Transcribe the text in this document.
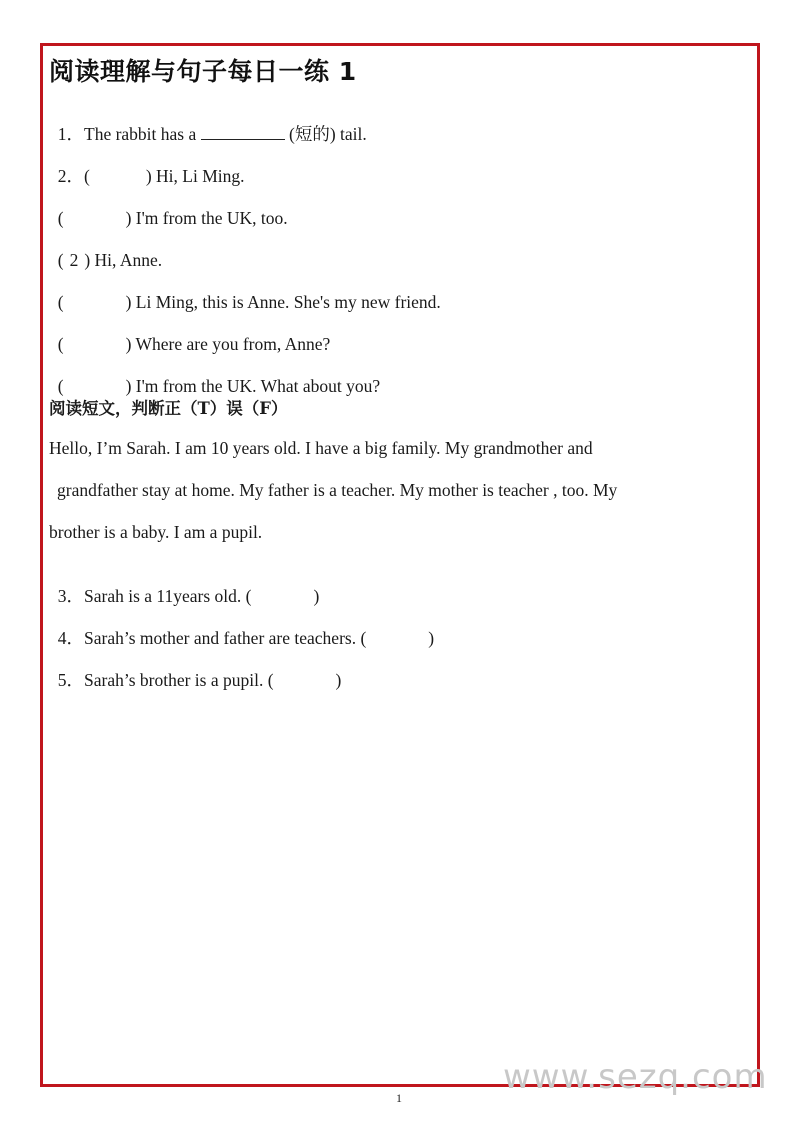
阅读理解与句子每日一练 1

1．The rabbit has a	(短的) tail.

2．(	) Hi, Li Ming.

(	) I'm from the UK, too.

( 2 ) Hi, Anne.

(	) Li Ming, this is Anne. She's my new friend.

(	) Where are you from, Anne?

(	) I'm from the UK. What about you?

阅读短文，判断正（T）误（F）
Hello, I’m Sarah. I am 10 years old. I have a big family. My grandmother and
grandfather stay at home. My father is a teacher. My mother is teacher , too. My
brother is a baby. I am a pupil.

3．Sarah is a 11years old. (	)

4．Sarah’s mother and father are teachers. (	)

5．Sarah’s brother is a pupil. (	)

www.sezq.com
1
